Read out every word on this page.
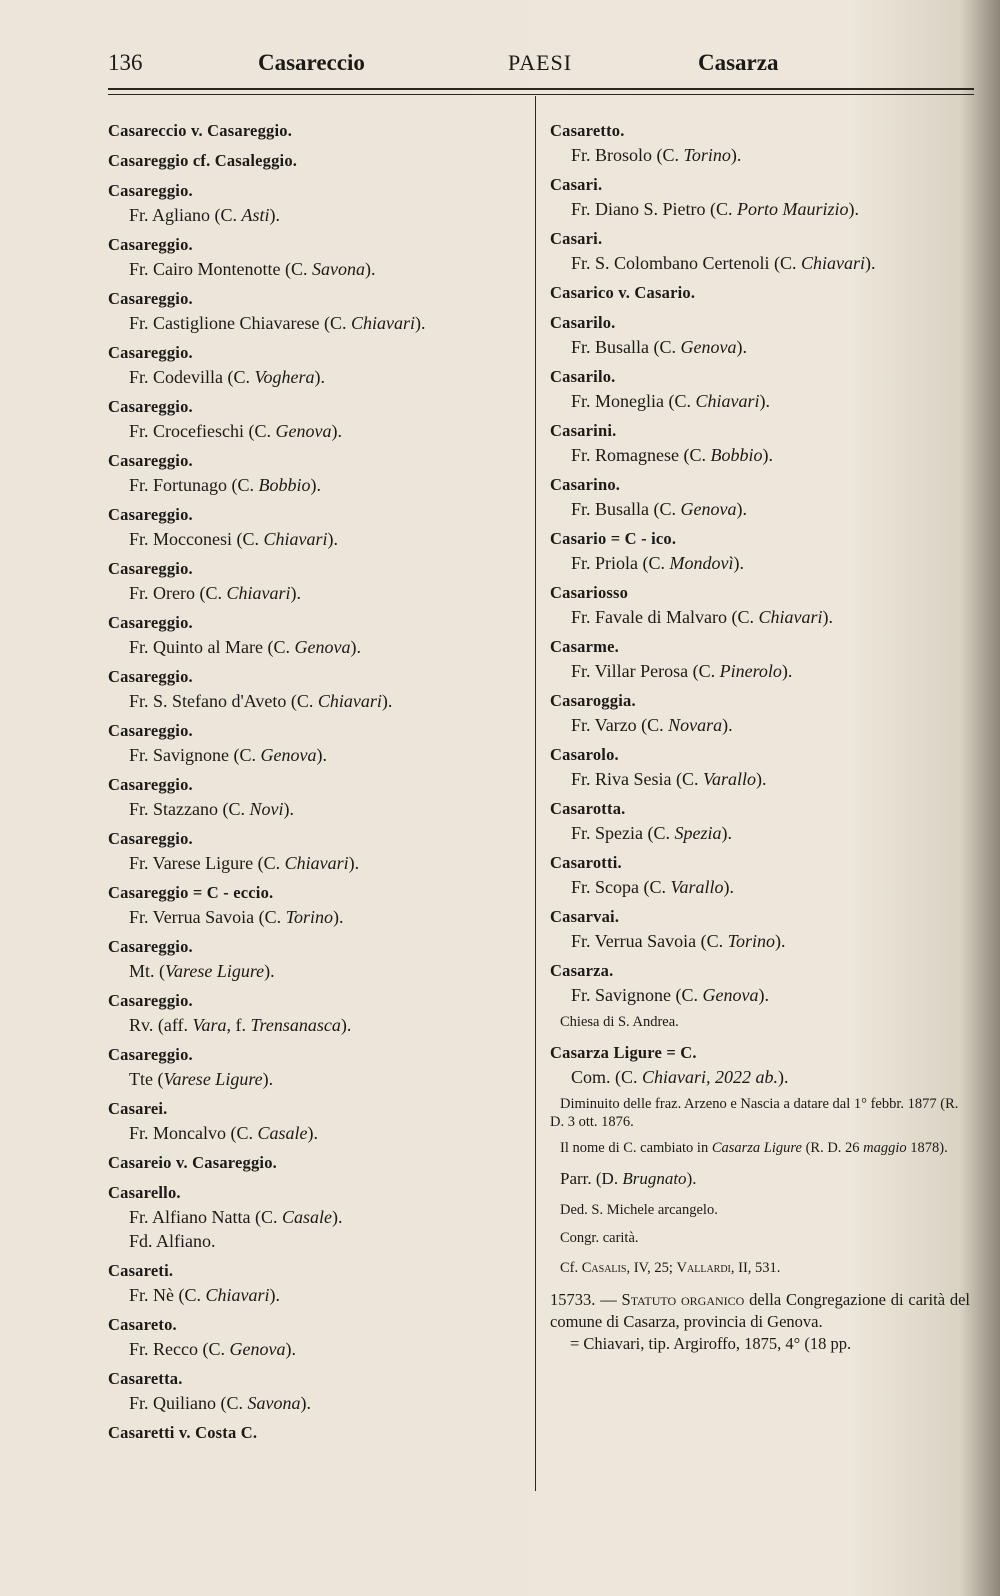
136	Casareccio	PAESI	Casarza
Casareccio v. Casareggio.
Casareggio cf. Casaleggio.
Casareggio.
Fr. Agliano (C. Asti).
Casareggio.
Fr. Cairo Montenotte (C. Savona).
Casareggio.
Fr. Castiglione Chiavarese (C. Chiavari).
Casareggio.
Fr. Codevilla (C. Voghera).
Casareggio.
Fr. Crocefieschi (C. Genova).
Casareggio.
Fr. Fortunago (C. Bobbio).
Casareggio.
Fr. Mocconesi (C. Chiavari).
Casareggio.
Fr. Orero (C. Chiavari).
Casareggio.
Fr. Quinto al Mare (C. Genova).
Casareggio.
Fr. S. Stefano d'Aveto (C. Chiavari).
Casareggio.
Fr. Savignone (C. Genova).
Casareggio.
Fr. Stazzano (C. Novi).
Casareggio.
Fr. Varese Ligure (C. Chiavari).
Casareggio = C - eccio.
Fr. Verrua Savoia (C. Torino).
Casareggio.
Mt. (Varese Ligure).
Casareggio.
Rv. (aff. Vara, f. Trensanasca).
Casareggio.
Tte (Varese Ligure).
Casarei.
Fr. Moncalvo (C. Casale).
Casareio v. Casareggio.
Casarello.
Fr. Alfiano Natta (C. Casale).
Fd. Alfiano.
Casareti.
Fr. Nè (C. Chiavari).
Casareto.
Fr. Recco (C. Genova).
Casaretta.
Fr. Quiliano (C. Savona).
Casaretti v. Costa C.
Casaretto.
Fr. Brosolo (C. Torino).
Casari.
Fr. Diano S. Pietro (C. Porto Maurizio).
Casari.
Fr. S. Colombano Certenoli (C. Chiavari).
Casarico v. Casario.
Casarilo.
Fr. Busalla (C. Genova).
Casarilo.
Fr. Moneglia (C. Chiavari).
Casarini.
Fr. Romagnese (C. Bobbio).
Casarino.
Fr. Busalla (C. Genova).
Casario = C - ico.
Fr. Priola (C. Mondovì).
Casariosso
Fr. Favale di Malvaro (C. Chiavari).
Casarme.
Fr. Villar Perosa (C. Pinerolo).
Casaroggia.
Fr. Varzo (C. Novara).
Casarolo.
Fr. Riva Sesia (C. Varallo).
Casarotta.
Fr. Spezia (C. Spezia).
Casarotti.
Fr. Scopa (C. Varallo).
Casarvai.
Fr. Verrua Savoia (C. Torino).
Casarza.
Fr. Savignone (C. Genova).
Chiesa di S. Andrea.
Casarza Ligure = C.
Com. (C. Chiavari, 2022 ab.).
Diminuito delle fraz. Arzeno e Nascia a datare dal 1° febbr. 1877 (R. D. 3 ott. 1876.
Il nome di C. cambiato in Casarza Ligure (R. D. 26 maggio 1878).
Parr. (D. Brugnato).
Ded. S. Michele arcangelo.
Congr. carità.
Cf. Casalis, IV, 25; Vallardi, II, 531.
15733. — Statuto organico della Congregazione di carità del comune di Casarza, provincia di Genova.
= Chiavari, tip. Argiroffo, 1875, 4° (18 pp.
